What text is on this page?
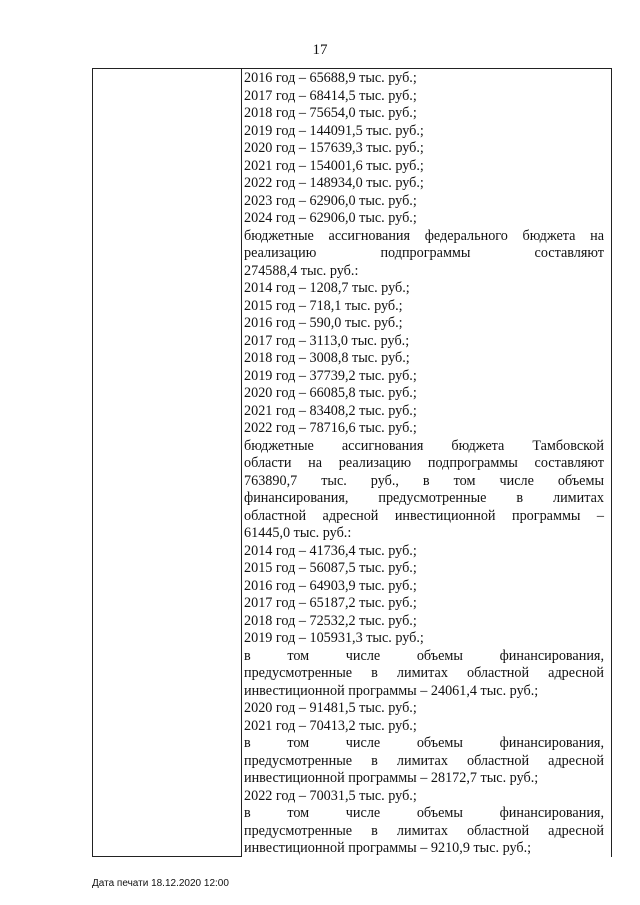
17
2016 год – 65688,9 тыс. руб.;
2017 год – 68414,5 тыс. руб.;
2018 год – 75654,0 тыс. руб.;
2019 год – 144091,5 тыс. руб.;
2020 год – 157639,3 тыс. руб.;
2021 год – 154001,6 тыс. руб.;
2022 год – 148934,0 тыс. руб.;
2023 год – 62906,0 тыс. руб.;
2024 год – 62906,0 тыс. руб.;
бюджетные ассигнования федерального бюджета на
реализацию подпрограммы составляют
274588,4 тыс. руб.:
2014 год – 1208,7 тыс. руб.;
2015 год – 718,1 тыс. руб.;
2016 год – 590,0 тыс. руб.;
2017 год – 3113,0 тыс. руб.;
2018 год – 3008,8 тыс. руб.;
2019 год – 37739,2 тыс. руб.;
2020 год – 66085,8 тыс. руб.;
2021 год – 83408,2 тыс. руб.;
2022 год – 78716,6 тыс. руб.;
бюджетные ассигнования бюджета Тамбовской
области на реализацию подпрограммы составляют
763890,7 тыс. руб., в том числе объемы
финансирования, предусмотренные в лимитах
областной адресной инвестиционной программы –
61445,0 тыс. руб.:
2014 год – 41736,4 тыс. руб.;
2015 год – 56087,5 тыс. руб.;
2016 год – 64903,9 тыс. руб.;
2017 год – 65187,2 тыс. руб.;
2018 год – 72532,2 тыс. руб.;
2019 год – 105931,3 тыс. руб.;
в том числе объемы финансирования,
предусмотренные в лимитах областной адресной
инвестиционной программы – 24061,4 тыс. руб.;
2020 год – 91481,5 тыс. руб.;
2021 год – 70413,2 тыс. руб.;
в том числе объемы финансирования,
предусмотренные в лимитах областной адресной
инвестиционной программы – 28172,7 тыс. руб.;
2022 год – 70031,5 тыс. руб.;
в том числе объемы финансирования,
предусмотренные в лимитах областной адресной
инвестиционной программы – 9210,9 тыс. руб.;
Дата печати 18.12.2020 12:00
